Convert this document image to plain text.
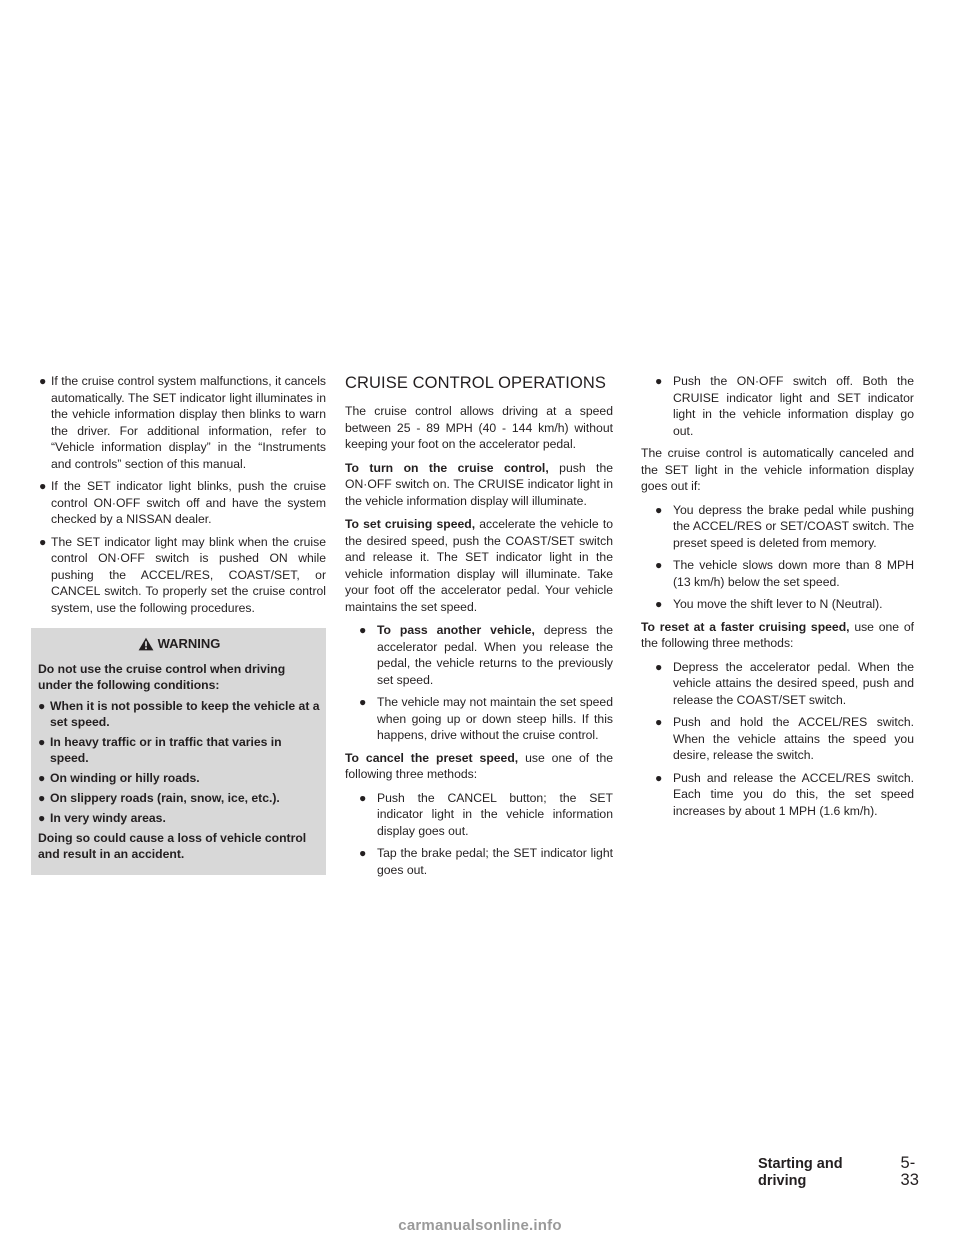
● If the cruise control system malfunctions, it cancels automatically. The SET indicator light illuminates in the vehicle information display then blinks to warn the driver. For additional information, refer to “Vehicle information display” in the “Instruments and controls” section of this manual.
● If the SET indicator light blinks, push the cruise control ON·OFF switch off and have the system checked by a NISSAN dealer.
● The SET indicator light may blink when the cruise control ON·OFF switch is pushed ON while pushing the ACCEL/RES, COAST/SET, or CANCEL switch. To properly set the cruise control system, use the following procedures.
WARNING

Do not use the cruise control when driving under the following conditions:

● When it is not possible to keep the vehicle at a set speed.
● In heavy traffic or in traffic that varies in speed.
● On winding or hilly roads.
● On slippery roads (rain, snow, ice, etc.).
● In very windy areas.

Doing so could cause a loss of vehicle control and result in an accident.

CRUISE CONTROL OPERATIONS

The cruise control allows driving at a speed between 25 - 89 MPH (40 - 144 km/h) without keeping your foot on the accelerator pedal.

To turn on the cruise control, push the ON·OFF switch on. The CRUISE indicator light in the vehicle information display will illuminate.

To set cruising speed, accelerate the vehicle to the desired speed, push the COAST/SET switch and release it. The SET indicator light in the vehicle information display will illuminate. Take your foot off the accelerator pedal. Your vehicle maintains the set speed.

● To pass another vehicle, depress the accelerator pedal. When you release the pedal, the vehicle returns to the previously set speed.
● The vehicle may not maintain the set speed when going up or down steep hills. If this happens, drive without the cruise control.

To cancel the preset speed, use one of the following three methods:

● Push the CANCEL button; the SET indicator light in the vehicle information display goes out.
● Tap the brake pedal; the SET indicator light goes out.
● Push the ON·OFF switch off. Both the CRUISE indicator light and SET indicator light in the vehicle information display go out.

The cruise control is automatically canceled and the SET light in the vehicle information display goes out if:

● You depress the brake pedal while pushing the ACCEL/RES or SET/COAST switch. The preset speed is deleted from memory.
● The vehicle slows down more than 8 MPH (13 km/h) below the set speed.
● You move the shift lever to N (Neutral).

To reset at a faster cruising speed, use one of the following three methods:

● Depress the accelerator pedal. When the vehicle attains the desired speed, push and release the COAST/SET switch.
● Push and hold the ACCEL/RES switch. When the vehicle attains the speed you desire, release the switch.
● Push and release the ACCEL/RES switch. Each time you do this, the set speed increases by about 1 MPH (1.6 km/h).
Starting and driving
5-33
carmanualsonline.info
